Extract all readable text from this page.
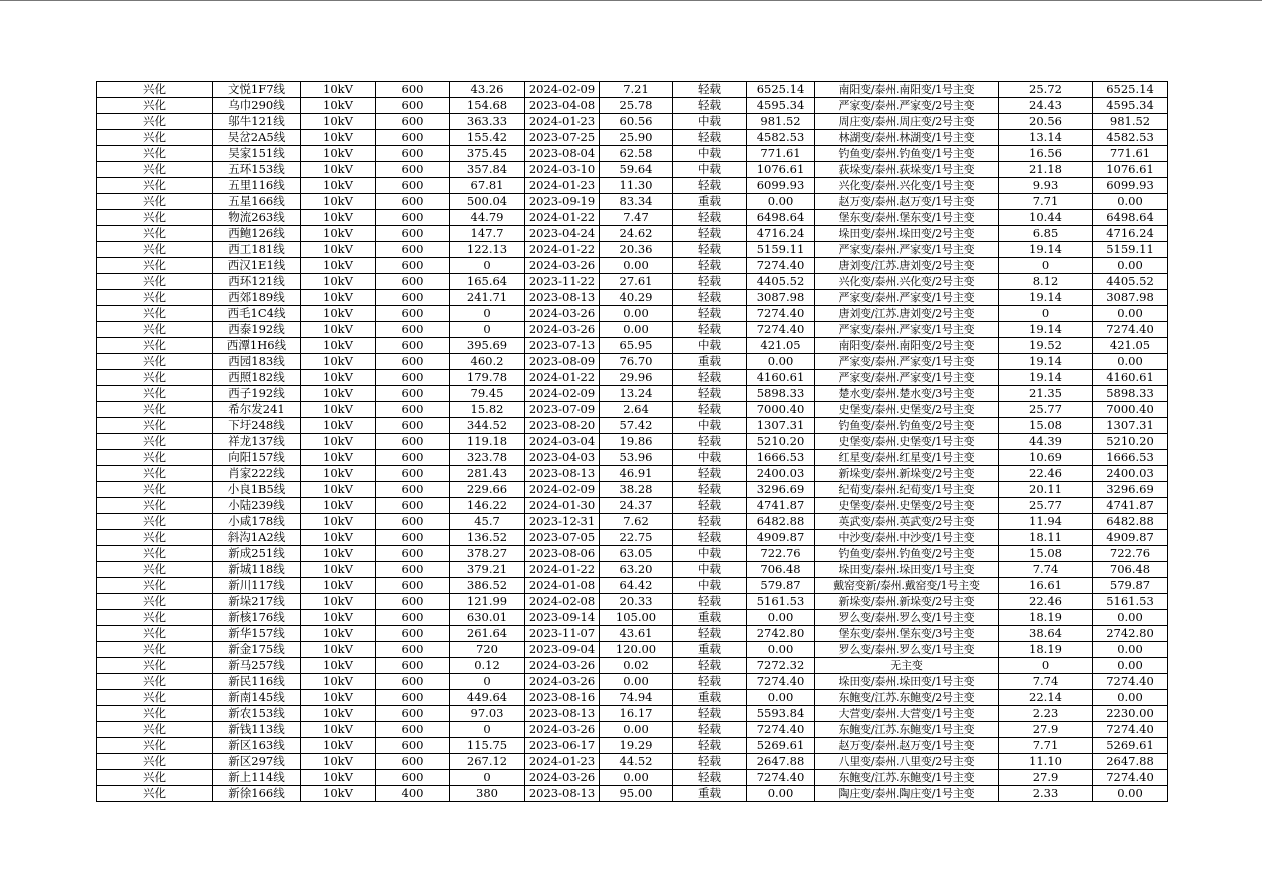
兴化	文悦1F7线	10kV	600	43.26	2024-02-09	7.21	轻载	6525.14	南阳变/泰州.南阳变/1号主变	25.72	6525.14
兴化	乌巾290线	10kV	600	154.68	2023-04-08	25.78	轻载	4595.34	严家变/泰州.严家变/2号主变	24.43	4595.34
兴化	邬牛121线	10kV	600	363.33	2024-01-23	60.56	中载	981.52	周庄变/泰州.周庄变/2号主变	20.56	981.52
兴化	吴岔2A5线	10kV	600	155.42	2023-07-25	25.90	轻载	4582.53	林湖变/泰州.林湖变/1号主变	13.14	4582.53
兴化	吴家151线	10kV	600	375.45	2023-08-04	62.58	中载	771.61	钓鱼变/泰州.钓鱼变/1号主变	16.56	771.61
兴化	五环153线	10kV	600	357.84	2024-03-10	59.64	中载	1076.61	荻垛变/泰州.荻垛变/1号主变	21.18	1076.61
兴化	五里116线	10kV	600	67.81	2024-01-23	11.30	轻载	6099.93	兴化变/泰州.兴化变/1号主变	9.93	6099.93
兴化	五星166线	10kV	600	500.04	2023-09-19	83.34	重载	0.00	赵万变/泰州.赵万变/1号主变	7.71	0.00
兴化	物流263线	10kV	600	44.79	2024-01-22	7.47	轻载	6498.64	堡东变/泰州.堡东变/1号主变	10.44	6498.64
兴化	西鲍126线	10kV	600	147.7	2023-04-24	24.62	轻载	4716.24	垛田变/泰州.垛田变/2号主变	6.85	4716.24
兴化	西工181线	10kV	600	122.13	2024-01-22	20.36	轻载	5159.11	严家变/泰州.严家变/1号主变	19.14	5159.11
兴化	西汉1E1线	10kV	600	0	2024-03-26	0.00	轻载	7274.40	唐刘变/江苏.唐刘变/2号主变	0	0.00
兴化	西环121线	10kV	600	165.64	2023-11-22	27.61	轻载	4405.52	兴化变/泰州.兴化变/2号主变	8.12	4405.52
兴化	西郊189线	10kV	600	241.71	2023-08-13	40.29	轻载	3087.98	严家变/泰州.严家变/1号主变	19.14	3087.98
兴化	西毛1C4线	10kV	600	0	2024-03-26	0.00	轻载	7274.40	唐刘变/江苏.唐刘变/2号主变	0	0.00
兴化	西泰192线	10kV	600	0	2024-03-26	0.00	轻载	7274.40	严家变/泰州.严家变/1号主变	19.14	7274.40
兴化	西潭1H6线	10kV	600	395.69	2023-07-13	65.95	中载	421.05	南阳变/泰州.南阳变/2号主变	19.52	421.05
兴化	西园183线	10kV	600	460.2	2023-08-09	76.70	重载	0.00	严家变/泰州.严家变/1号主变	19.14	0.00
兴化	西照182线	10kV	600	179.78	2024-01-22	29.96	轻载	4160.61	严家变/泰州.严家变/1号主变	19.14	4160.61
兴化	西子192线	10kV	600	79.45	2024-02-09	13.24	轻载	5898.33	楚水变/泰州.楚水变/3号主变	21.35	5898.33
兴化	希尔发241	10kV	600	15.82	2023-07-09	2.64	轻载	7000.40	史堡变/泰州.史堡变/2号主变	25.77	7000.40
兴化	下圩248线	10kV	600	344.52	2023-08-20	57.42	中载	1307.31	钓鱼变/泰州.钓鱼变/2号主变	15.08	1307.31
兴化	祥龙137线	10kV	600	119.18	2024-03-04	19.86	轻载	5210.20	史堡变/泰州.史堡变/1号主变	44.39	5210.20
兴化	向阳157线	10kV	600	323.78	2023-04-03	53.96	中载	1666.53	红星变/泰州.红星变/1号主变	10.69	1666.53
兴化	肖家222线	10kV	600	281.43	2023-08-13	46.91	轻载	2400.03	新垛变/泰州.新垛变/2号主变	22.46	2400.03
兴化	小良1B5线	10kV	600	229.66	2024-02-09	38.28	轻载	3296.69	纪荀变/泰州.纪荀变/1号主变	20.11	3296.69
兴化	小陆239线	10kV	600	146.22	2024-01-30	24.37	轻载	4741.87	史堡变/泰州.史堡变/2号主变	25.77	4741.87
兴化	小咸178线	10kV	600	45.7	2023-12-31	7.62	轻载	6482.88	英武变/泰州.英武变/2号主变	11.94	6482.88
兴化	斜沟1A2线	10kV	600	136.52	2023-07-05	22.75	轻载	4909.87	中沙变/泰州.中沙变/1号主变	18.11	4909.87
兴化	新成251线	10kV	600	378.27	2023-08-06	63.05	中载	722.76	钓鱼变/泰州.钓鱼变/2号主变	15.08	722.76
兴化	新城118线	10kV	600	379.21	2024-01-22	63.20	中载	706.48	垛田变/泰州.垛田变/1号主变	7.74	706.48
兴化	新川117线	10kV	600	386.52	2024-01-08	64.42	中载	579.87	戴窑变新/泰州.戴窑变/1号主变	16.61	579.87
兴化	新垛217线	10kV	600	121.99	2024-02-08	20.33	轻载	5161.53	新垛变/泰州.新垛变/2号主变	22.46	5161.53
兴化	新核176线	10kV	600	630.01	2023-09-14	105.00	重载	0.00	罗么变/泰州.罗么变/1号主变	18.19	0.00
兴化	新华157线	10kV	600	261.64	2023-11-07	43.61	轻载	2742.80	堡东变/泰州.堡东变/3号主变	38.64	2742.80
兴化	新金175线	10kV	600	720	2023-09-04	120.00	重载	0.00	罗么变/泰州.罗么变/1号主变	18.19	0.00
兴化	新马257线	10kV	600	0.12	2024-03-26	0.02	轻载	7272.32	无主变	0	0.00
兴化	新民116线	10kV	600	0	2024-03-26	0.00	轻载	7274.40	垛田变/泰州.垛田变/1号主变	7.74	7274.40
兴化	新南145线	10kV	600	449.64	2023-08-16	74.94	重载	0.00	东鲍变/江苏.东鲍变/2号主变	22.14	0.00
兴化	新农153线	10kV	600	97.03	2023-08-13	16.17	轻载	5593.84	大营变/泰州.大营变/1号主变	2.23	2230.00
兴化	新钱113线	10kV	600	0	2024-03-26	0.00	轻载	7274.40	东鲍变/江苏.东鲍变/1号主变	27.9	7274.40
兴化	新区163线	10kV	600	115.75	2023-06-17	19.29	轻载	5269.61	赵万变/泰州.赵万变/1号主变	7.71	5269.61
兴化	新区297线	10kV	600	267.12	2024-01-23	44.52	轻载	2647.88	八里变/泰州.八里变/2号主变	11.10	2647.88
兴化	新上114线	10kV	600	0	2024-03-26	0.00	轻载	7274.40	东鲍变/江苏.东鲍变/1号主变	27.9	7274.40
兴化	新徐166线	10kV	400	380	2023-08-13	95.00	重载	0.00	陶庄变/泰州.陶庄变/1号主变	2.33	0.00
